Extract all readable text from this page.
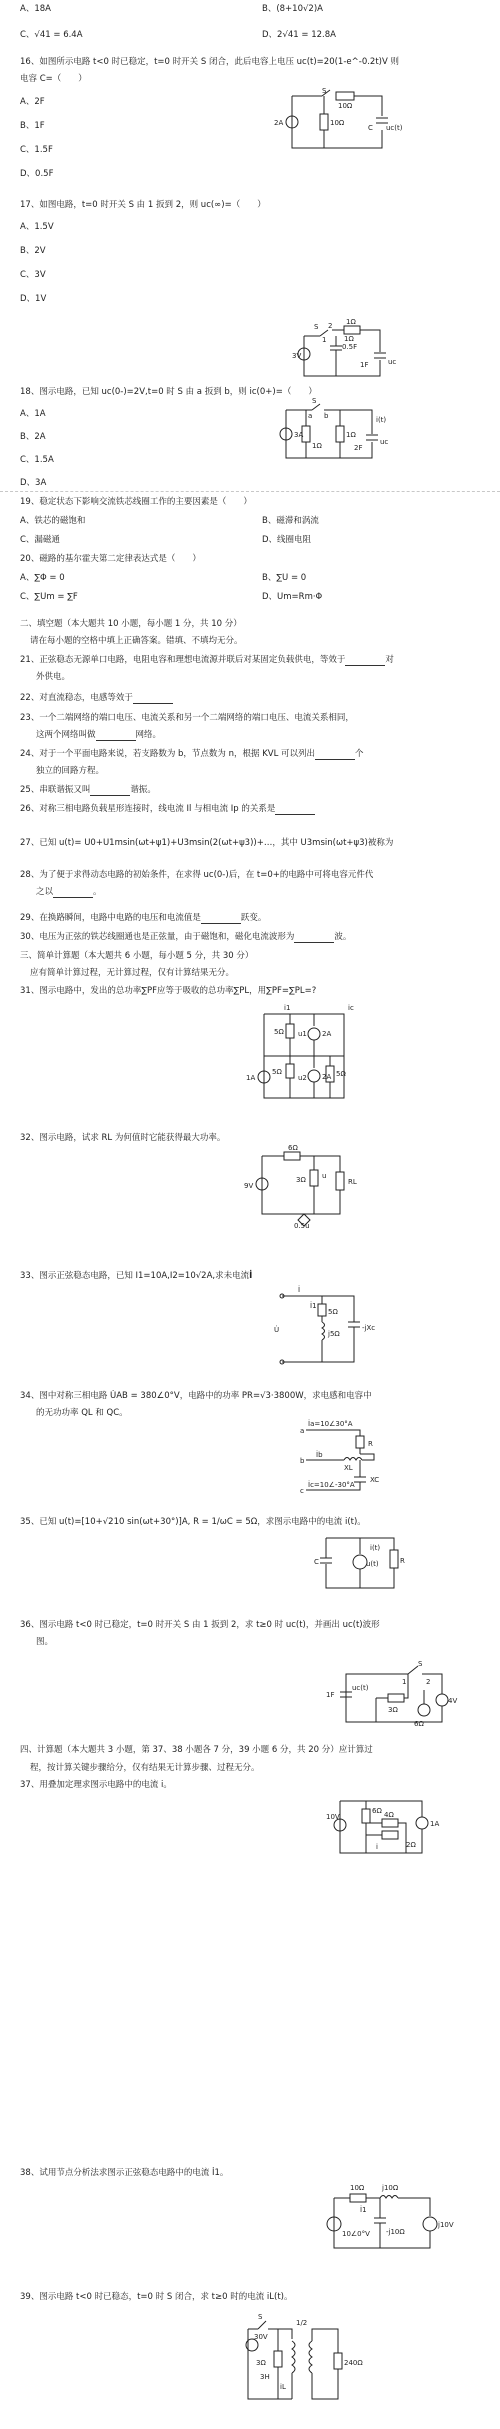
A、18A	B、(8+10√2)A
C、√41 = 6.4A	D、2√41 = 12.8A
16、如图所示电路 t<0 时已稳定，t=0 时开关 S 闭合，此后电容上电压 uc(t)=20(1-e^-0.2t)V 则
电容 C=（　　）
A、2F
B、1F
C、1.5F
D、0.5F
S
10Ω
2A	10Ω
C uc(t)
17、如图电路，t=0 时开关 S 由 1 扳到 2，则 uc(∞)=（　　）
A、1.5V
B、2V
C、3V
D、1V
S
1
2 1Ω
3V
0.5F
1Ω
1F	uc
18、图示电路，已知 uc(0-)=2V,t=0 时 S 由 a 扳到 b，则 ic(0+)=（　　）
A、1A
B、2A
C、1.5A
D、3A
S
a b
3A
1Ω
1Ω
2F
i(t)
uc
19、稳定状态下影响交流铁芯线圈工作的主要因素是（　　）
A、铁芯的磁饱和	B、磁滞和涡流
C、漏磁通	D、线圈电阻
20、磁路的基尔霍夫第二定律表达式是（　　）
A、∑Φ = 0	B、∑U = 0
C、∑Um = ∑F	D、Um=Rm·Φ
二、填空题（本大题共 10 小题，每小题 1 分，共 10 分）
请在每小题的空格中填上正确答案。错填、不填均无分。
21、正弦稳态无源单口电路，电阻电容和理想电流源并联后对某固定负载供电，等效于	对
外供电。
22、对直流稳态，电感等效于
23、一个二端网络的端口电压、电流关系和另一个二端网络的端口电压、电流关系相同，
这两个网络叫做	网络。
24、对于一个平面电路来说，若支路数为 b，节点数为 n，根据 KVL 可以列出	个
独立的回路方程。
25、串联谐振又叫	谐振。
26、对称三相电路负载星形连接时，线电流 Il 与相电流 Ip 的关系是
27、已知 u(t)= U0+U1msin(ωt+ψ1)+U3msin(2(ωt+ψ3))+…，其中 U3msin(ωt+ψ3)被称为
28、为了便于求得动态电路的初始条件，在求得 uc(0-)后，在 t=0+的电路中可将电容元件代
之以	。
29、在换路瞬间，电路中电路的电压和电流值是	跃变。
30、电压为正弦的铁芯线圈通也是正弦量，由于磁饱和，磁化电流波形为	波。
三、简单计算题（本大题共 6 小题，每小题 5 分，共 30 分）
应有简单计算过程，无计算过程，仅有计算结果无分。
31、图示电路中，发出的总功率∑PF应等于吸收的总功率∑PL，用∑PF=∑PL=?
i1
5Ω u1 2A
ic
5Ω
1A	2A
u2
5Ω
32、图示电路，试求 RL 为何值时它能获得最大功率。
6Ω
9V
3Ω u
RL
0.5u
33、图示正弦稳态电路，已知 I1=10A,I2=10√2A,求未电流İ
İ
İ1
5Ω
j5Ω
-jXc
U̇
34、图中对称三相电路 U̇AB = 380∠0°V，电路中的功率 PR=√3·3800W，求电感和电容中
的无功功率 QL 和 QC。
a
b
c
R
XL
XC
İa=10∠30°A
İb
İc=10∠-30°A
35、已知 u(t)=[10+√210 sin(ωt+30°)]A, R = 1/ωC = 5Ω，求图示电路中的电流 i(t)。
C	u(t)	R
i(t)
36、图示电路 t<0 时已稳定，t=0 时开关 S 由 1 扳到 2，求 t≥0 时 uc(t)，并画出 uc(t)波形
图。
S
1	2
1F
uc(t)
3Ω
4V
6Ω
四、计算题（本大题共 3 小题，第 37、38 小题各 7 分，39 小题 6 分，共 20 分）应计算过
程，按计算关键步骤给分，仅有结果无计算步骤、过程无分。
37、用叠加定理求图示电路中的电流 i。
6Ω
10V	4Ω
1A
2Ω
i
38、试用节点分析法求图示正弦稳态电路中的电流 İ1。
10Ω	j10Ω
10∠0°V
İ1
-j10Ω
j10V
39、图示电路 t<0 时已稳态，t=0 时 S 闭合，求 t≥0 时的电流 iL(t)。
S
30V
3Ω
3H
1/2
240Ω
iL
